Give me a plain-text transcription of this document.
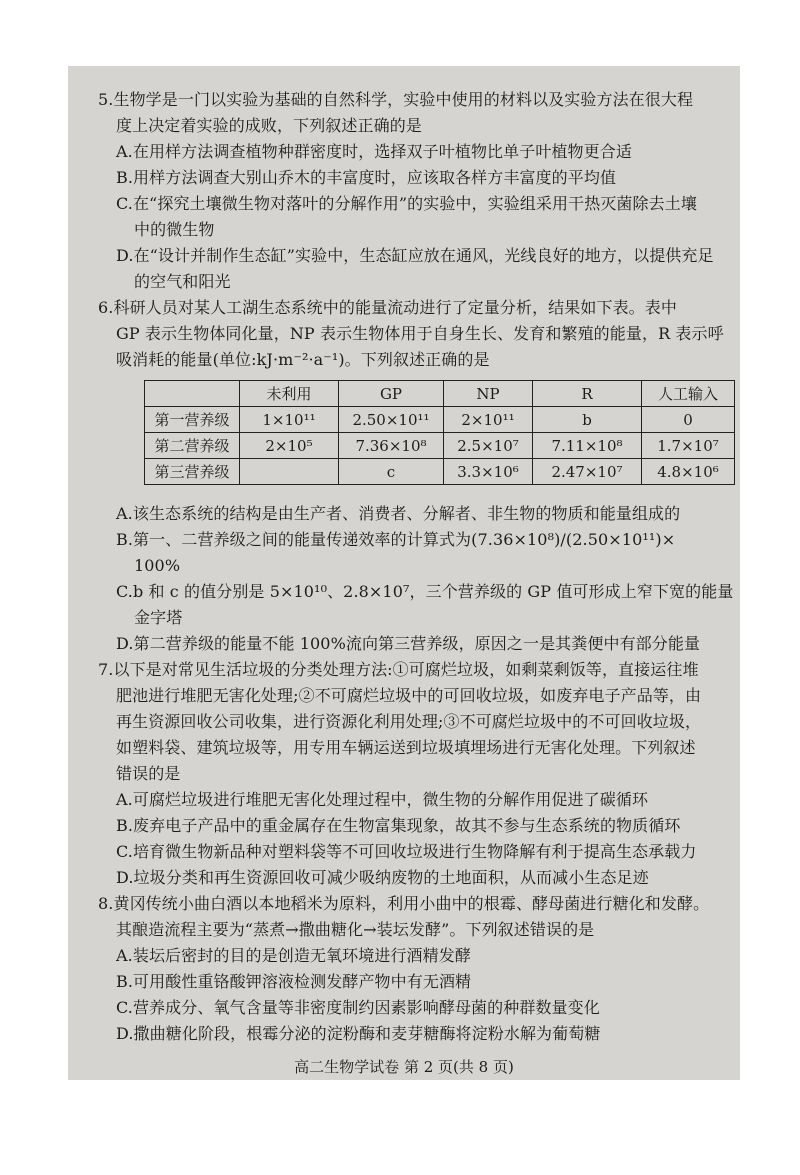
5.生物学是一门以实验为基础的自然科学，实验中使用的材料以及实验方法在很大程
度上决定着实验的成败，下列叙述正确的是
A.在用样方法调查植物种群密度时，选择双子叶植物比单子叶植物更合适
B.用样方法调查大别山乔木的丰富度时，应该取各样方丰富度的平均值
C.在“探究土壤微生物对落叶的分解作用”的实验中，实验组采用干热灭菌除去土壤
中的微生物
D.在“设计并制作生态缸”实验中，生态缸应放在通风，光线良好的地方，以提供充足
的空气和阳光
6.科研人员对某人工湖生态系统中的能量流动进行了定量分析，结果如下表。表中
GP 表示生物体同化量，NP 表示生物体用于自身生长、发育和繁殖的能量，R 表示呼
吸消耗的能量(单位:kJ·m⁻²·a⁻¹)。下列叙述正确的是
	未利用	GP	NP	R	人工输入
第一营养级	1×10¹¹	2.50×10¹¹	2×10¹¹	b	0
第二营养级	2×10⁵	7.36×10⁸	2.5×10⁷	7.11×10⁸	1.7×10⁷
第三营养级		c	3.3×10⁶	2.47×10⁷	4.8×10⁶
A.该生态系统的结构是由生产者、消费者、分解者、非生物的物质和能量组成的
B.第一、二营养级之间的能量传递效率的计算式为(7.36×10⁸)/(2.50×10¹¹)×
100%
C.b 和 c 的值分别是 5×10¹⁰、2.8×10⁷，三个营养级的 GP 值可形成上窄下宽的能量
金字塔
D.第二营养级的能量不能 100%流向第三营养级，原因之一是其粪便中有部分能量
7.以下是对常见生活垃圾的分类处理方法:①可腐烂垃圾，如剩菜剩饭等，直接运往堆
肥池进行堆肥无害化处理;②不可腐烂垃圾中的可回收垃圾，如废弃电子产品等，由
再生资源回收公司收集，进行资源化利用处理;③不可腐烂垃圾中的不可回收垃圾，
如塑料袋、建筑垃圾等，用专用车辆运送到垃圾填埋场进行无害化处理。下列叙述
错误的是
A.可腐烂垃圾进行堆肥无害化处理过程中，微生物的分解作用促进了碳循环
B.废弃电子产品中的重金属存在生物富集现象，故其不参与生态系统的物质循环
C.培育微生物新品种对塑料袋等不可回收垃圾进行生物降解有利于提高生态承载力
D.垃圾分类和再生资源回收可减少吸纳废物的土地面积，从而减小生态足迹
8.黄冈传统小曲白酒以本地稻米为原料，利用小曲中的根霉、酵母菌进行糖化和发酵。
其酿造流程主要为“蒸煮→撒曲糖化→装坛发酵”。下列叙述错误的是
A.装坛后密封的目的是创造无氧环境进行酒精发酵
B.可用酸性重铬酸钾溶液检测发酵产物中有无酒精
C.营养成分、氧气含量等非密度制约因素影响酵母菌的种群数量变化
D.撒曲糖化阶段，根霉分泌的淀粉酶和麦芽糖酶将淀粉水解为葡萄糖
高二生物学试卷 第 2 页(共 8 页)
